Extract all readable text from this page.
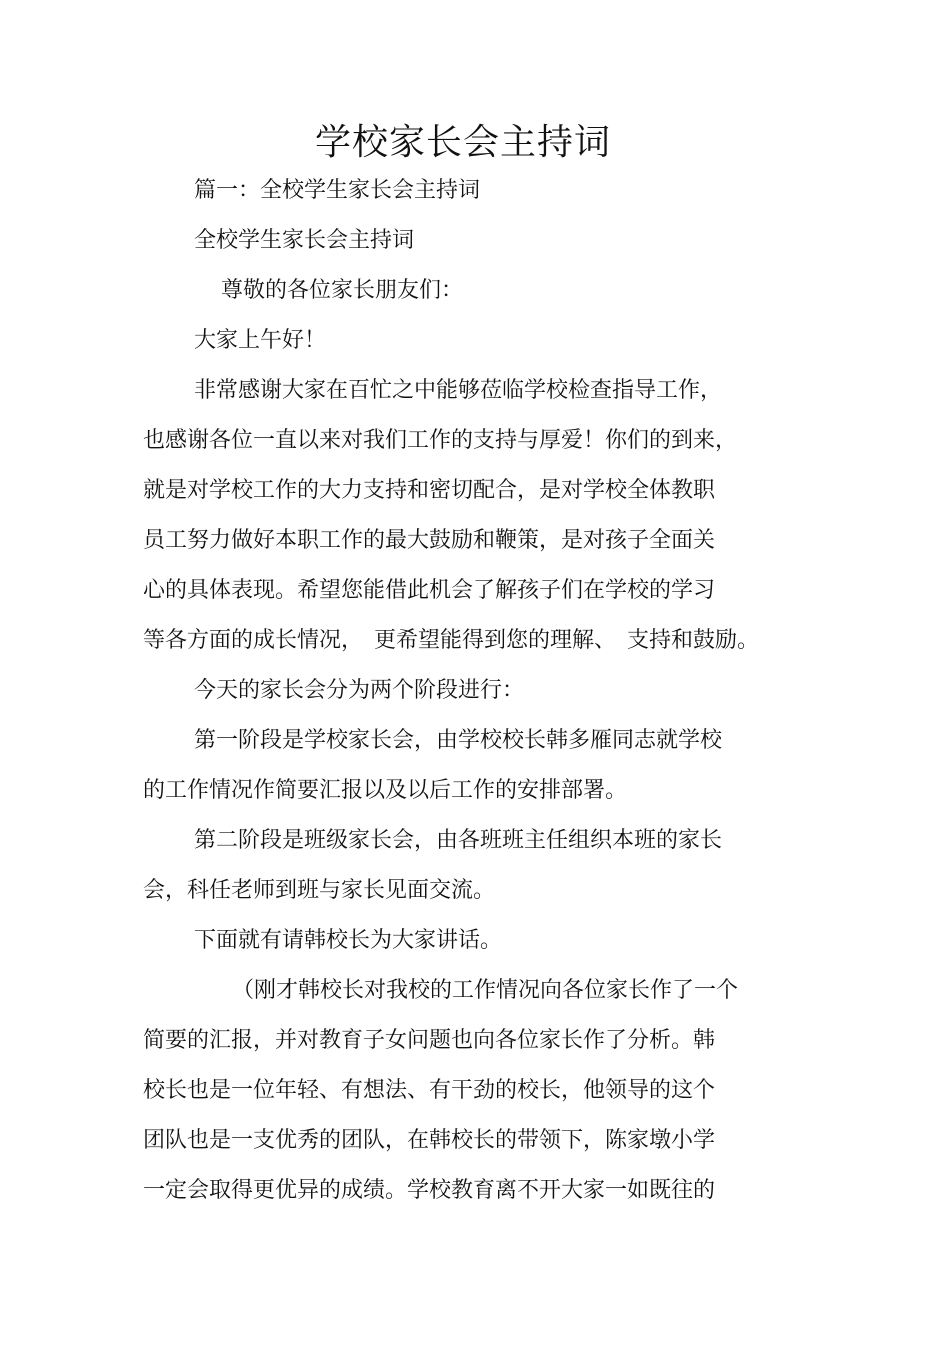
学校家长会主持词
篇一：全校学生家长会主持词
全校学生家长会主持词
尊敬的各位家长朋友们：
大家上午好！
非常感谢大家在百忙之中能够莅临学校检查指导工作，
也感谢各位一直以来对我们工作的支持与厚爱！你们的到来，
就是对学校工作的大力支持和密切配合，是对学校全体教职
员工努力做好本职工作的最大鼓励和鞭策，是对孩子全面关
心的具体表现。希望您能借此机会了解孩子们在学校的学习
等各方面的成长情况，　更希望能得到您的理解、　支持和鼓励。
今天的家长会分为两个阶段进行：
第一阶段是学校家长会，由学校校长韩多雁同志就学校
的工作情况作简要汇报以及以后工作的安排部署。
第二阶段是班级家长会，由各班班主任组织本班的家长
会，科任老师到班与家长见面交流。
下面就有请韩校长为大家讲话。
（刚才韩校长对我校的工作情况向各位家长作了一个
简要的汇报，并对教育子女问题也向各位家长作了分析。韩
校长也是一位年轻、有想法、有干劲的校长，他领导的这个
团队也是一支优秀的团队，在韩校长的带领下，陈家墩小学
一定会取得更优异的成绩。学校教育离不开大家一如既往的
